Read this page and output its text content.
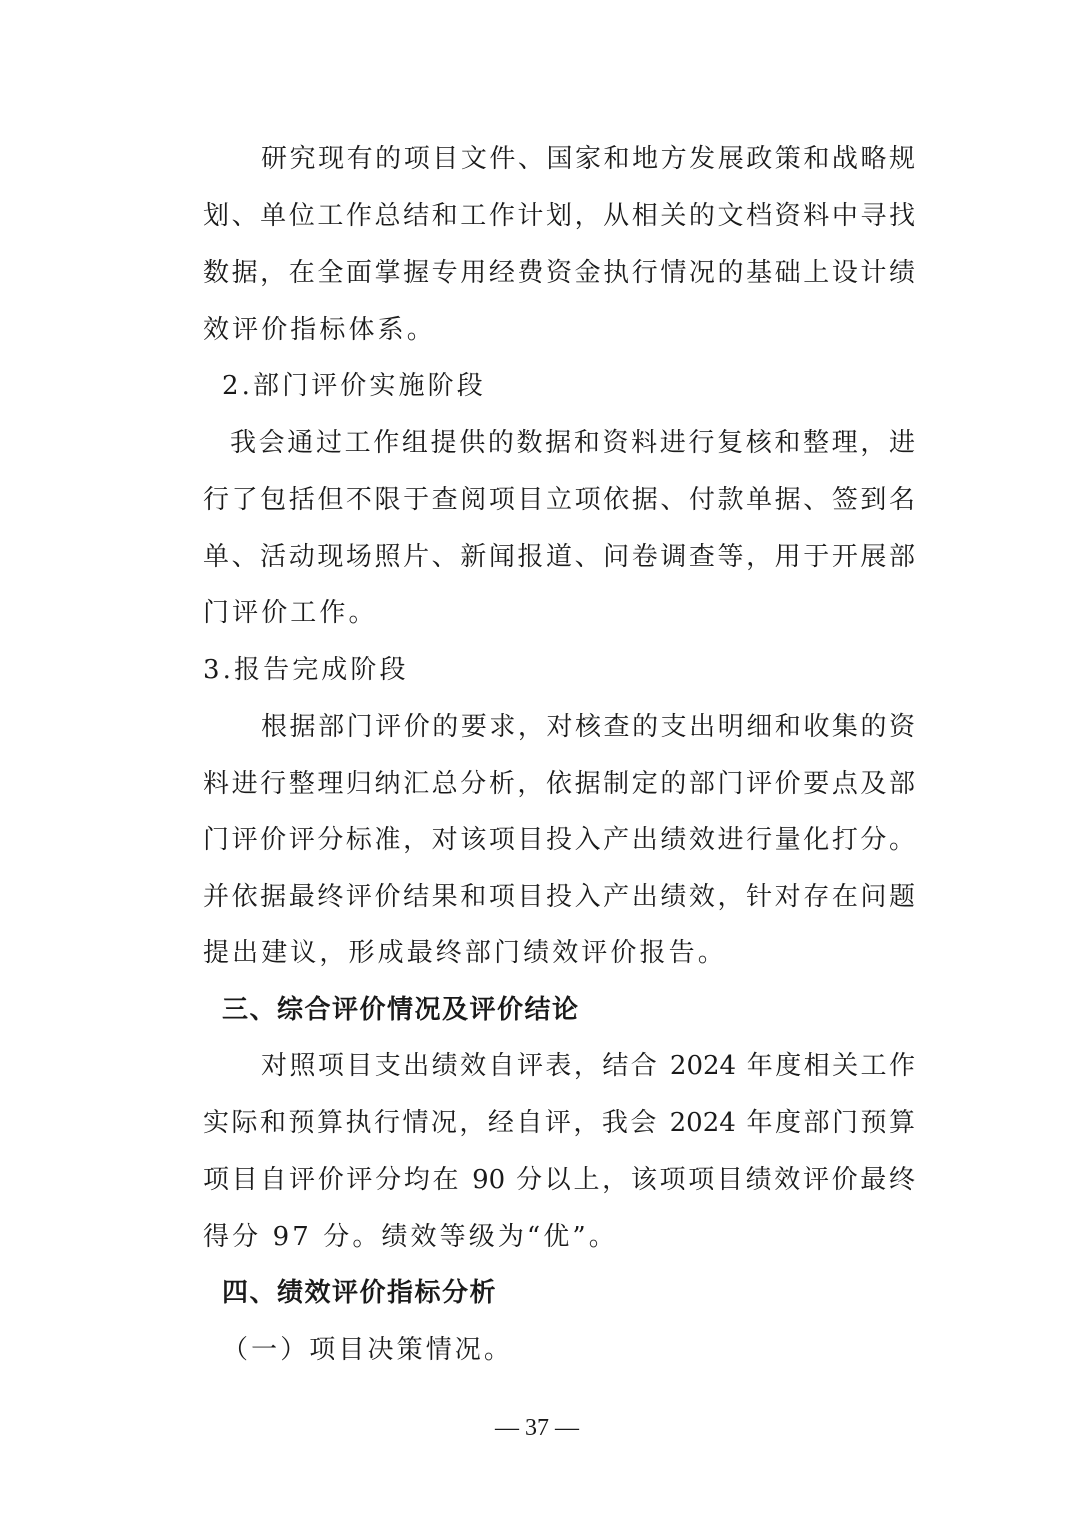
研究现有的项目文件、国家和地方发展政策和战略规
划、单位工作总结和工作计划，从相关的文档资料中寻找
数据，在全面掌握专用经费资金执行情况的基础上设计绩
效评价指标体系。
2.部门评价实施阶段
我会通过工作组提供的数据和资料进行复核和整理，进
行了包括但不限于查阅项目立项依据、付款单据、签到名
单、活动现场照片、新闻报道、问卷调查等，用于开展部
门评价工作。
3.报告完成阶段
根据部门评价的要求，对核查的支出明细和收集的资
料进行整理归纳汇总分析，依据制定的部门评价要点及部
门评价评分标准，对该项目投入产出绩效进行量化打分。
并依据最终评价结果和项目投入产出绩效，针对存在问题
提出建议，形成最终部门绩效评价报告。
三、综合评价情况及评价结论
对照项目支出绩效自评表，结合 2024 年度相关工作
实际和预算执行情况，经自评，我会 2024 年度部门预算
项目自评价评分均在 90 分以上，该项项目绩效评价最终
得分 97 分。绩效等级为“优”。
四、绩效评价指标分析
（一）项目决策情况。
— 37 —
